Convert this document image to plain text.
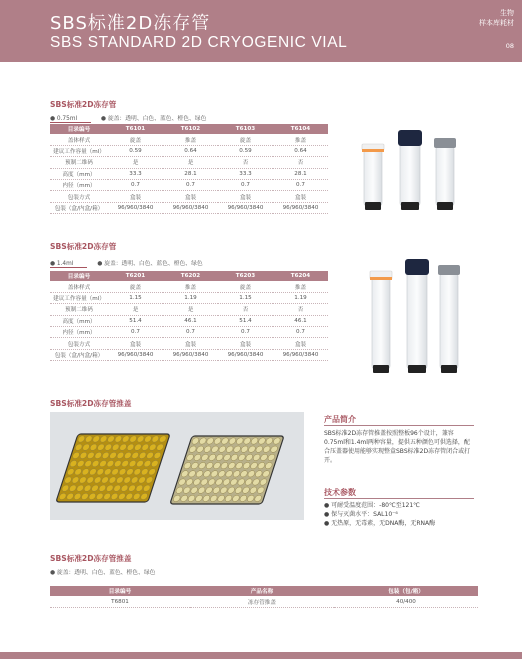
SBS标准2D冻存管
SBS STANDARD 2D CRYOGENIC VIAL
生物
样本库耗材
08
SBS标准2D冻存管
● 0.75ml	● 旋盖：透明、白色、蓝色、橙色、绿色
目录编号	T6101	T6102	T6103	T6104
盖体样式	旋盖	推盖	旋盖	推盖
建议工作容量（ml）	0.59	0.64	0.59	0.64
预制二维码	是	是	否	否
高度（mm）	33.3	28.1	33.3	28.1
内径（mm）	0.7	0.7	0.7	0.7
包装方式	盒装	盒装	盒装	盒装
包装（盒/内盒/箱）	96/960/3840	96/960/3840	96/960/3840	96/960/3840
SBS标准2D冻存管
● 1.4ml	● 旋盖：透明、白色、蓝色、橙色、绿色
目录编号	T6201	T6202	T6203	T6204
盖体样式	旋盖	推盖	旋盖	推盖
建议工作容量（ml）	1.15	1.19	1.15	1.19
预制二维码	是	是	否	否
高度（mm）	51.4	46.1	51.4	46.1
内径（mm）	0.7	0.7	0.7	0.7
包装方式	盒装	盒装	盒装	盒装
包装（盒/内盒/箱）	96/960/3840	96/960/3840	96/960/3840	96/960/3840
SBS标准2D冻存管推盖
产品简介
SBS标准2D冻存管推盖按照整板96个设计，兼容0.75ml和1.4ml两种容量，提供五种颜色可供选择，配合压盖器使用能够实现整盒SBS标准2D冻存管闭合或打开。
技术参数
● 可耐受温度范围：-80℃至121℃
● 保与灭菌水平：SAL10⁻⁶
● 无热原，无毒素，无DNA酶，无RNA酶
SBS标准2D冻存管推盖
● 旋盖：透明、白色、蓝色、橙色、绿色
目录编号	产品名称	包装（包/箱）
T6801	冻存管推盖	40/400
